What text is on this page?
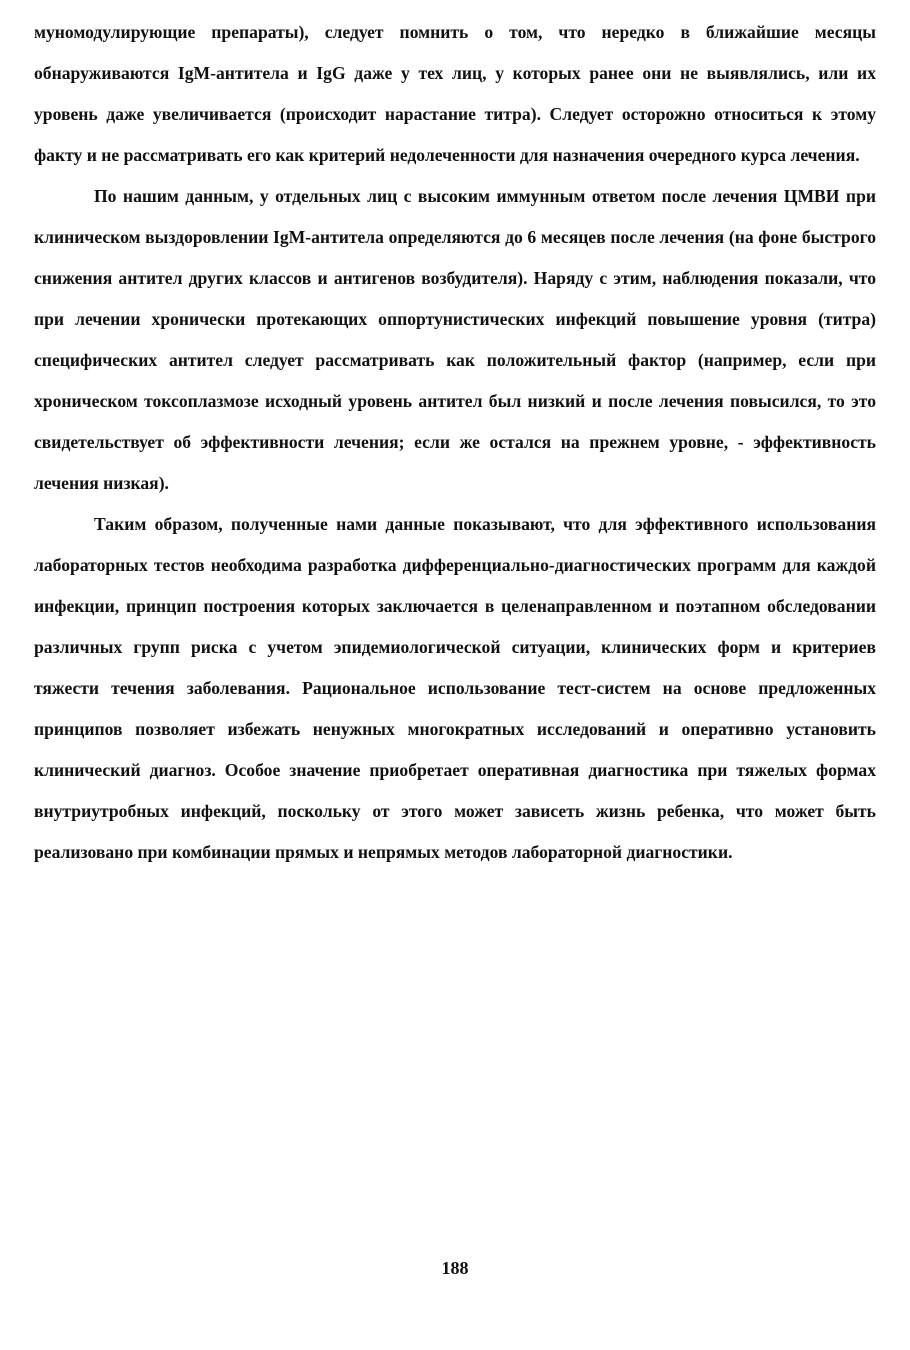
муномодулирующие препараты), следует помнить о том, что нередко в ближайшие месяцы обнаруживаются IgM-антитела и IgG даже у тех лиц, у которых ранее они не выявлялись, или их уровень даже увеличивается (происходит нарастание титра). Следует осторожно относиться к этому факту и не рассматривать его как критерий недолеченности для назначения очередного курса лечения.

По нашим данным, у отдельных лиц с высоким иммунным ответом после лечения ЦМВИ при клиническом выздоровлении IgM-антитела определяются до 6 месяцев после лечения (на фоне быстрого снижения антител других классов и антигенов возбудителя). Наряду с этим, наблюдения показали, что при лечении хронически протекающих оппортунистических инфекций повышение уровня (титра) специфических антител следует рассматривать как положительный фактор (например, если при хроническом токсоплазмозе исходный уровень антител был низкий и после лечения повысился, то это свидетельствует об эффективности лечения; если же остался на прежнем уровне, - эффективность лечения низкая).

Таким образом, полученные нами данные показывают, что для эффективного использования лабораторных тестов необходима разработка дифференциально-диагностических программ для каждой инфекции, принцип построения которых заключается в целенаправленном и поэтапном обследовании различных групп риска с учетом эпидемиологической ситуации, клинических форм и критериев тяжести течения заболевания. Рациональное использование тест-систем на основе предложенных принципов позволяет избежать ненужных многократных исследований и оперативно установить клинический диагноз. Особое значение приобретает оперативная диагностика при тяжелых формах внутриутробных инфекций, поскольку от этого может зависеть жизнь ребенка, что может быть реализовано при комбинации прямых и непрямых методов лабораторной диагностики.

188
